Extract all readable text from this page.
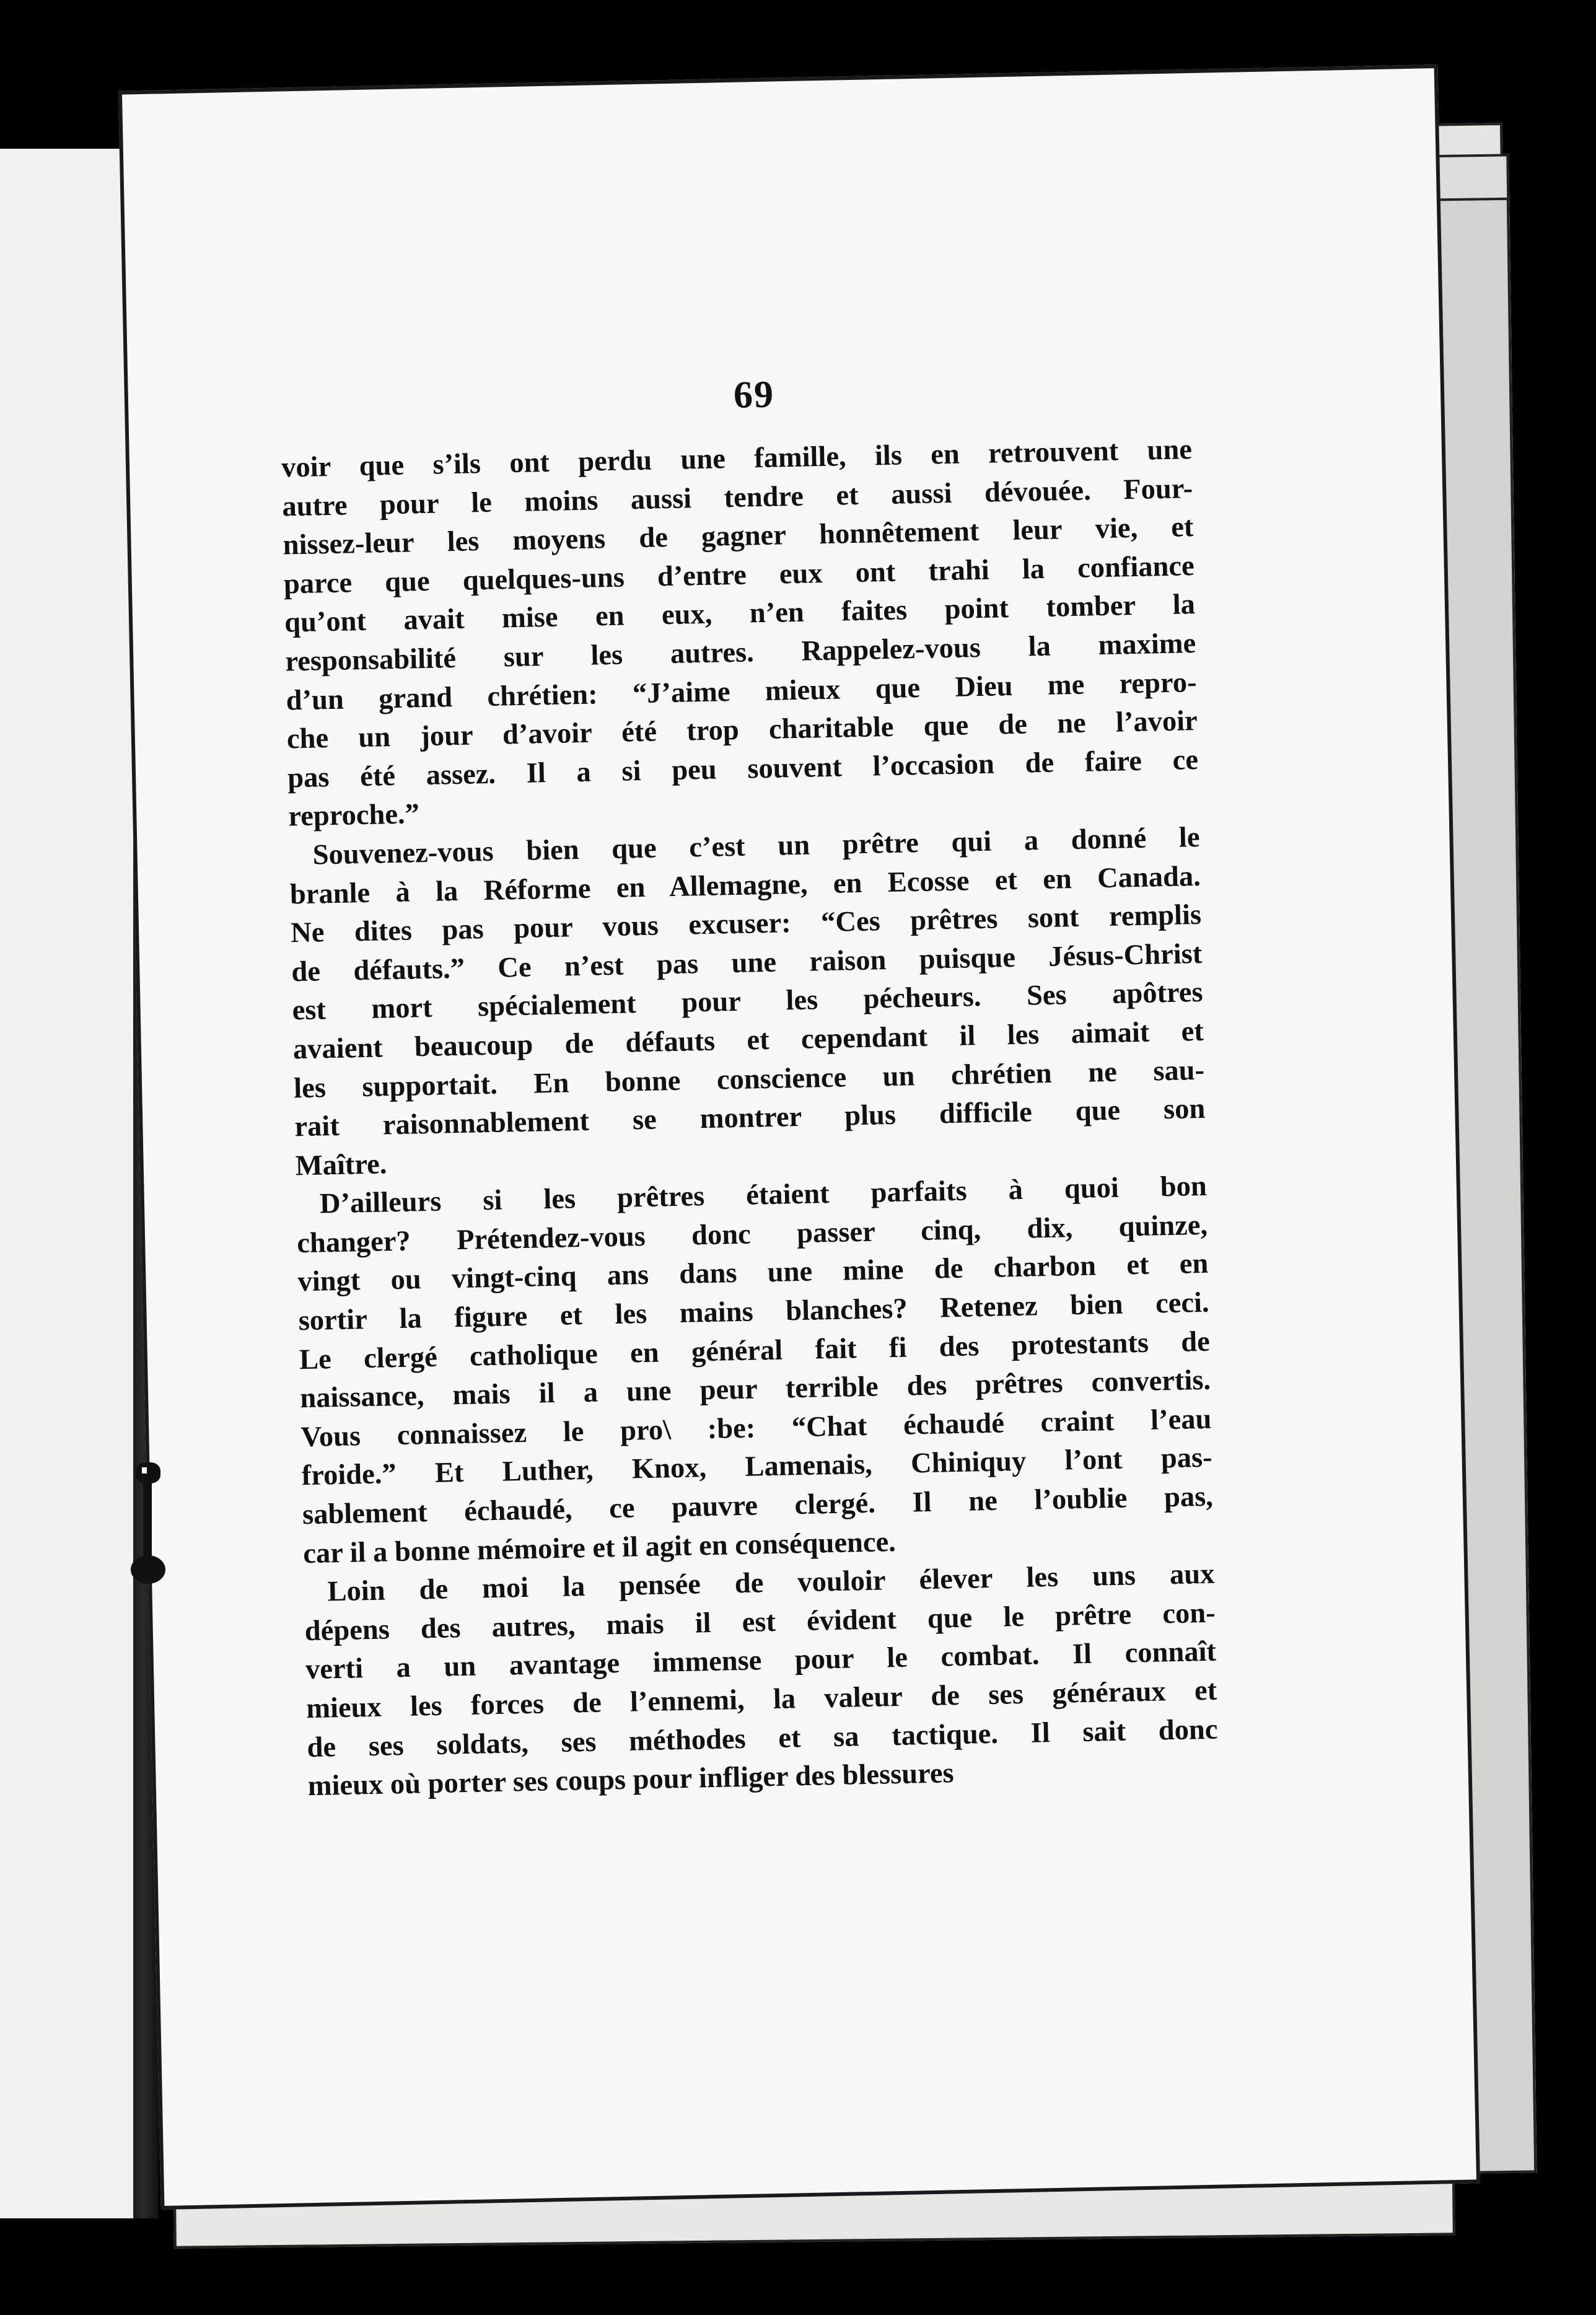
69
voir que s’ils ont perdu une famille, ils en retrouvent une
autre pour le moins aussi tendre et aussi dévouée. Four-
nissez-leur les moyens de gagner honnêtement leur vie, et
parce que quelques-uns d’entre eux ont trahi la confiance
qu’ont avait mise en eux, n’en faites point tomber la
responsabilité sur les autres. Rappelez-vous la maxime
d’un grand chrétien: “J’aime mieux que Dieu me repro-
che un jour d’avoir été trop charitable que de ne l’avoir
pas été assez. Il a si peu souvent l’occasion de faire ce
reproche.”
Souvenez-vous bien que c’est un prêtre qui a donné le
branle à la Réforme en Allemagne, en Ecosse et en Canada.
Ne dites pas pour vous excuser: “Ces prêtres sont remplis
de défauts.” Ce n’est pas une raison puisque Jésus-Christ
est mort spécialement pour les pécheurs. Ses apôtres
avaient beaucoup de défauts et cependant il les aimait et
les supportait. En bonne conscience un chrétien ne sau-
rait raisonnablement se montrer plus difficile que son
Maître.
D’ailleurs si les prêtres étaient parfaits à quoi bon
changer? Prétendez-vous donc passer cinq, dix, quinze,
vingt ou vingt-cinq ans dans une mine de charbon et en
sortir la figure et les mains blanches? Retenez bien ceci.
Le clergé catholique en général fait fi des protestants de
naissance, mais il a une peur terrible des prêtres convertis.
Vous connaissez le pro\ :be: “Chat échaudé craint l’eau
froide.” Et Luther, Knox, Lamenais, Chiniquy l’ont pas-
sablement échaudé, ce pauvre clergé. Il ne l’oublie pas,
car il a bonne mémoire et il agit en conséquence.
Loin de moi la pensée de vouloir élever les uns aux
dépens des autres, mais il est évident que le prêtre con-
verti a un avantage immense pour le combat. Il connaît
mieux les forces de l’ennemi, la valeur de ses généraux et
de ses soldats, ses méthodes et sa tactique. Il sait donc
mieux où porter ses coups pour infliger des blessures
